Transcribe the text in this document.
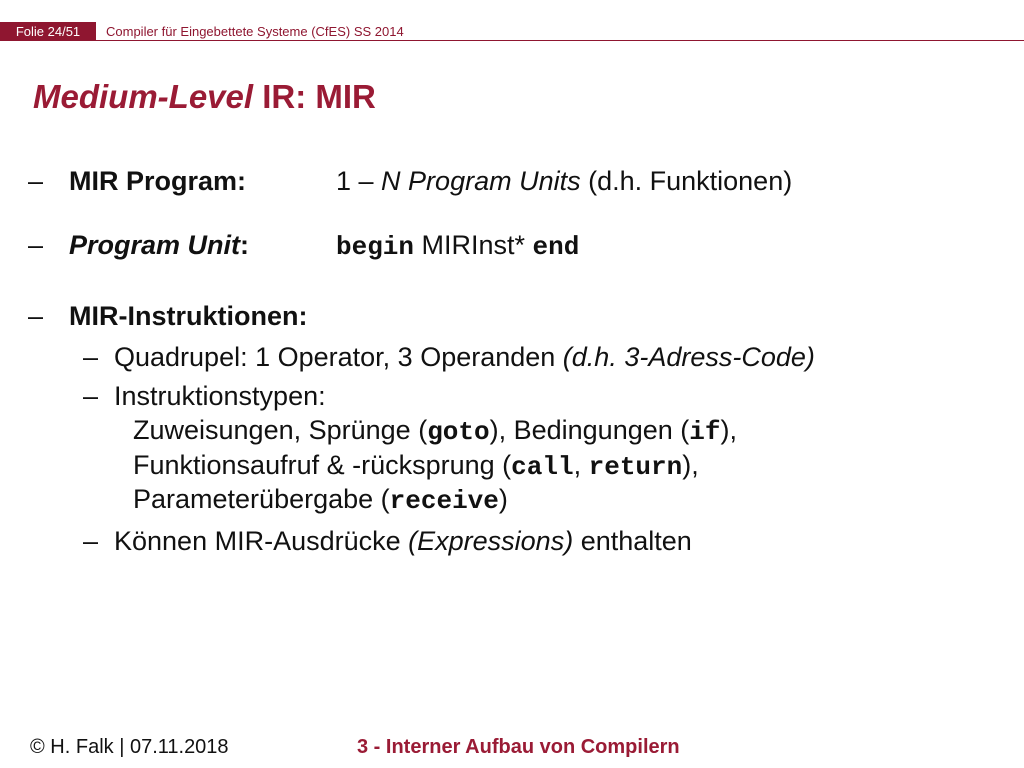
Folie 24/51	Compiler für Eingebettete Systeme (CfES) SS 2014
Medium-Level IR: MIR
– MIR Program:	1 – N Program Units (d.h. Funktionen)
– Program Unit:	begin MIRInst* end
– MIR-Instruktionen:
– Quadrupel: 1 Operator, 3 Operanden (d.h. 3-Adress-Code)
– Instruktionstypen:
Zuweisungen, Sprünge (goto), Bedingungen (if),
Funktionsaufruf & -rücksprung (call, return),
Parameterübergabe (receive)
– Können MIR-Ausdrücke (Expressions) enthalten
© H. Falk | 07.11.2018	3 - Interner Aufbau von Compilern
